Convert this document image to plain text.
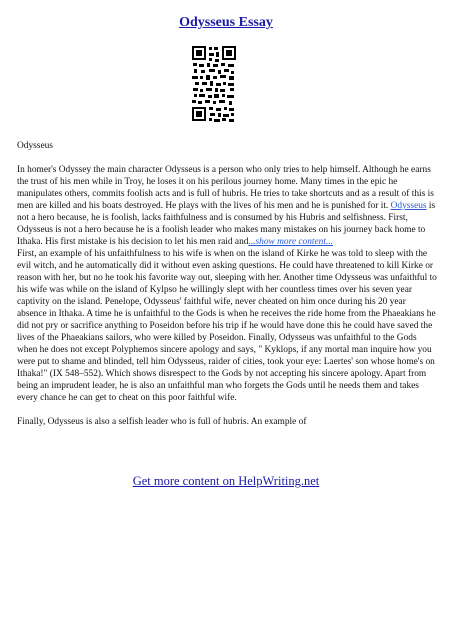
Odysseus Essay

Odysseus

In homer's Odyssey the main character Odysseus is a person who only tries to help himself. Although he earns the trust of his men while in Troy, he loses it on his perilous journey home. Many times in the epic he manipulates others, commits foolish acts and is full of hubris. He tries to take shortcuts and as a result of this is men are killed and his boats destroyed. He plays with the lives of his men and he is punished for it. Odysseus is not a hero because, he is foolish, lacks faithfulness and is consumed by his Hubris and selfishness. First, Odysseus is not a hero because he is a foolish leader who makes many mistakes on his journey back home to Ithaka. His first mistake is his decision to let his men raid and...show more content...
First, an example of his unfaithfulness to his wife is when on the island of Kirke he was told to sleep with the evil witch, and he automatically did it without even asking questions. He could have threatened to kill Kirke or reason with her, but no he took his favorite way out, sleeping with her. Another time Odysseus was unfaithful to his wife was while on the island of Kylpso he willingly slept with her countless times over his seven year captivity on the island. Penelope, Odysseus' faithful wife, never cheated on him once during his 20 year absence in Ithaka. A time he is unfaithful to the Gods is when he receives the ride home from the Phaeakians he did not pry or sacrifice anything to Poseidon before his trip if he would have done this he could have saved the lives of the Phaeakians sailors, who were killed by Poseidon. Finally, Odysseus was unfaithful to the Gods when he does not except Polyphemos sincere apology and says, " Kyklops, if any mortal man inquire how you were put to shame and blinded, tell him Odysseus, raider of cities, took your eye: Laertes' son whose home's on Ithaka!" (IX 548–552). Which shows disrespect to the Gods by not accepting his sincere apology. Apart from being an imprudent leader, he is also an unfaithful man who forgets the Gods until he needs them and takes every chance he can get to cheat on this poor faithful wife.

Finally, Odysseus is also a selfish leader who is full of hubris. An example of

Get more content on HelpWriting.net
